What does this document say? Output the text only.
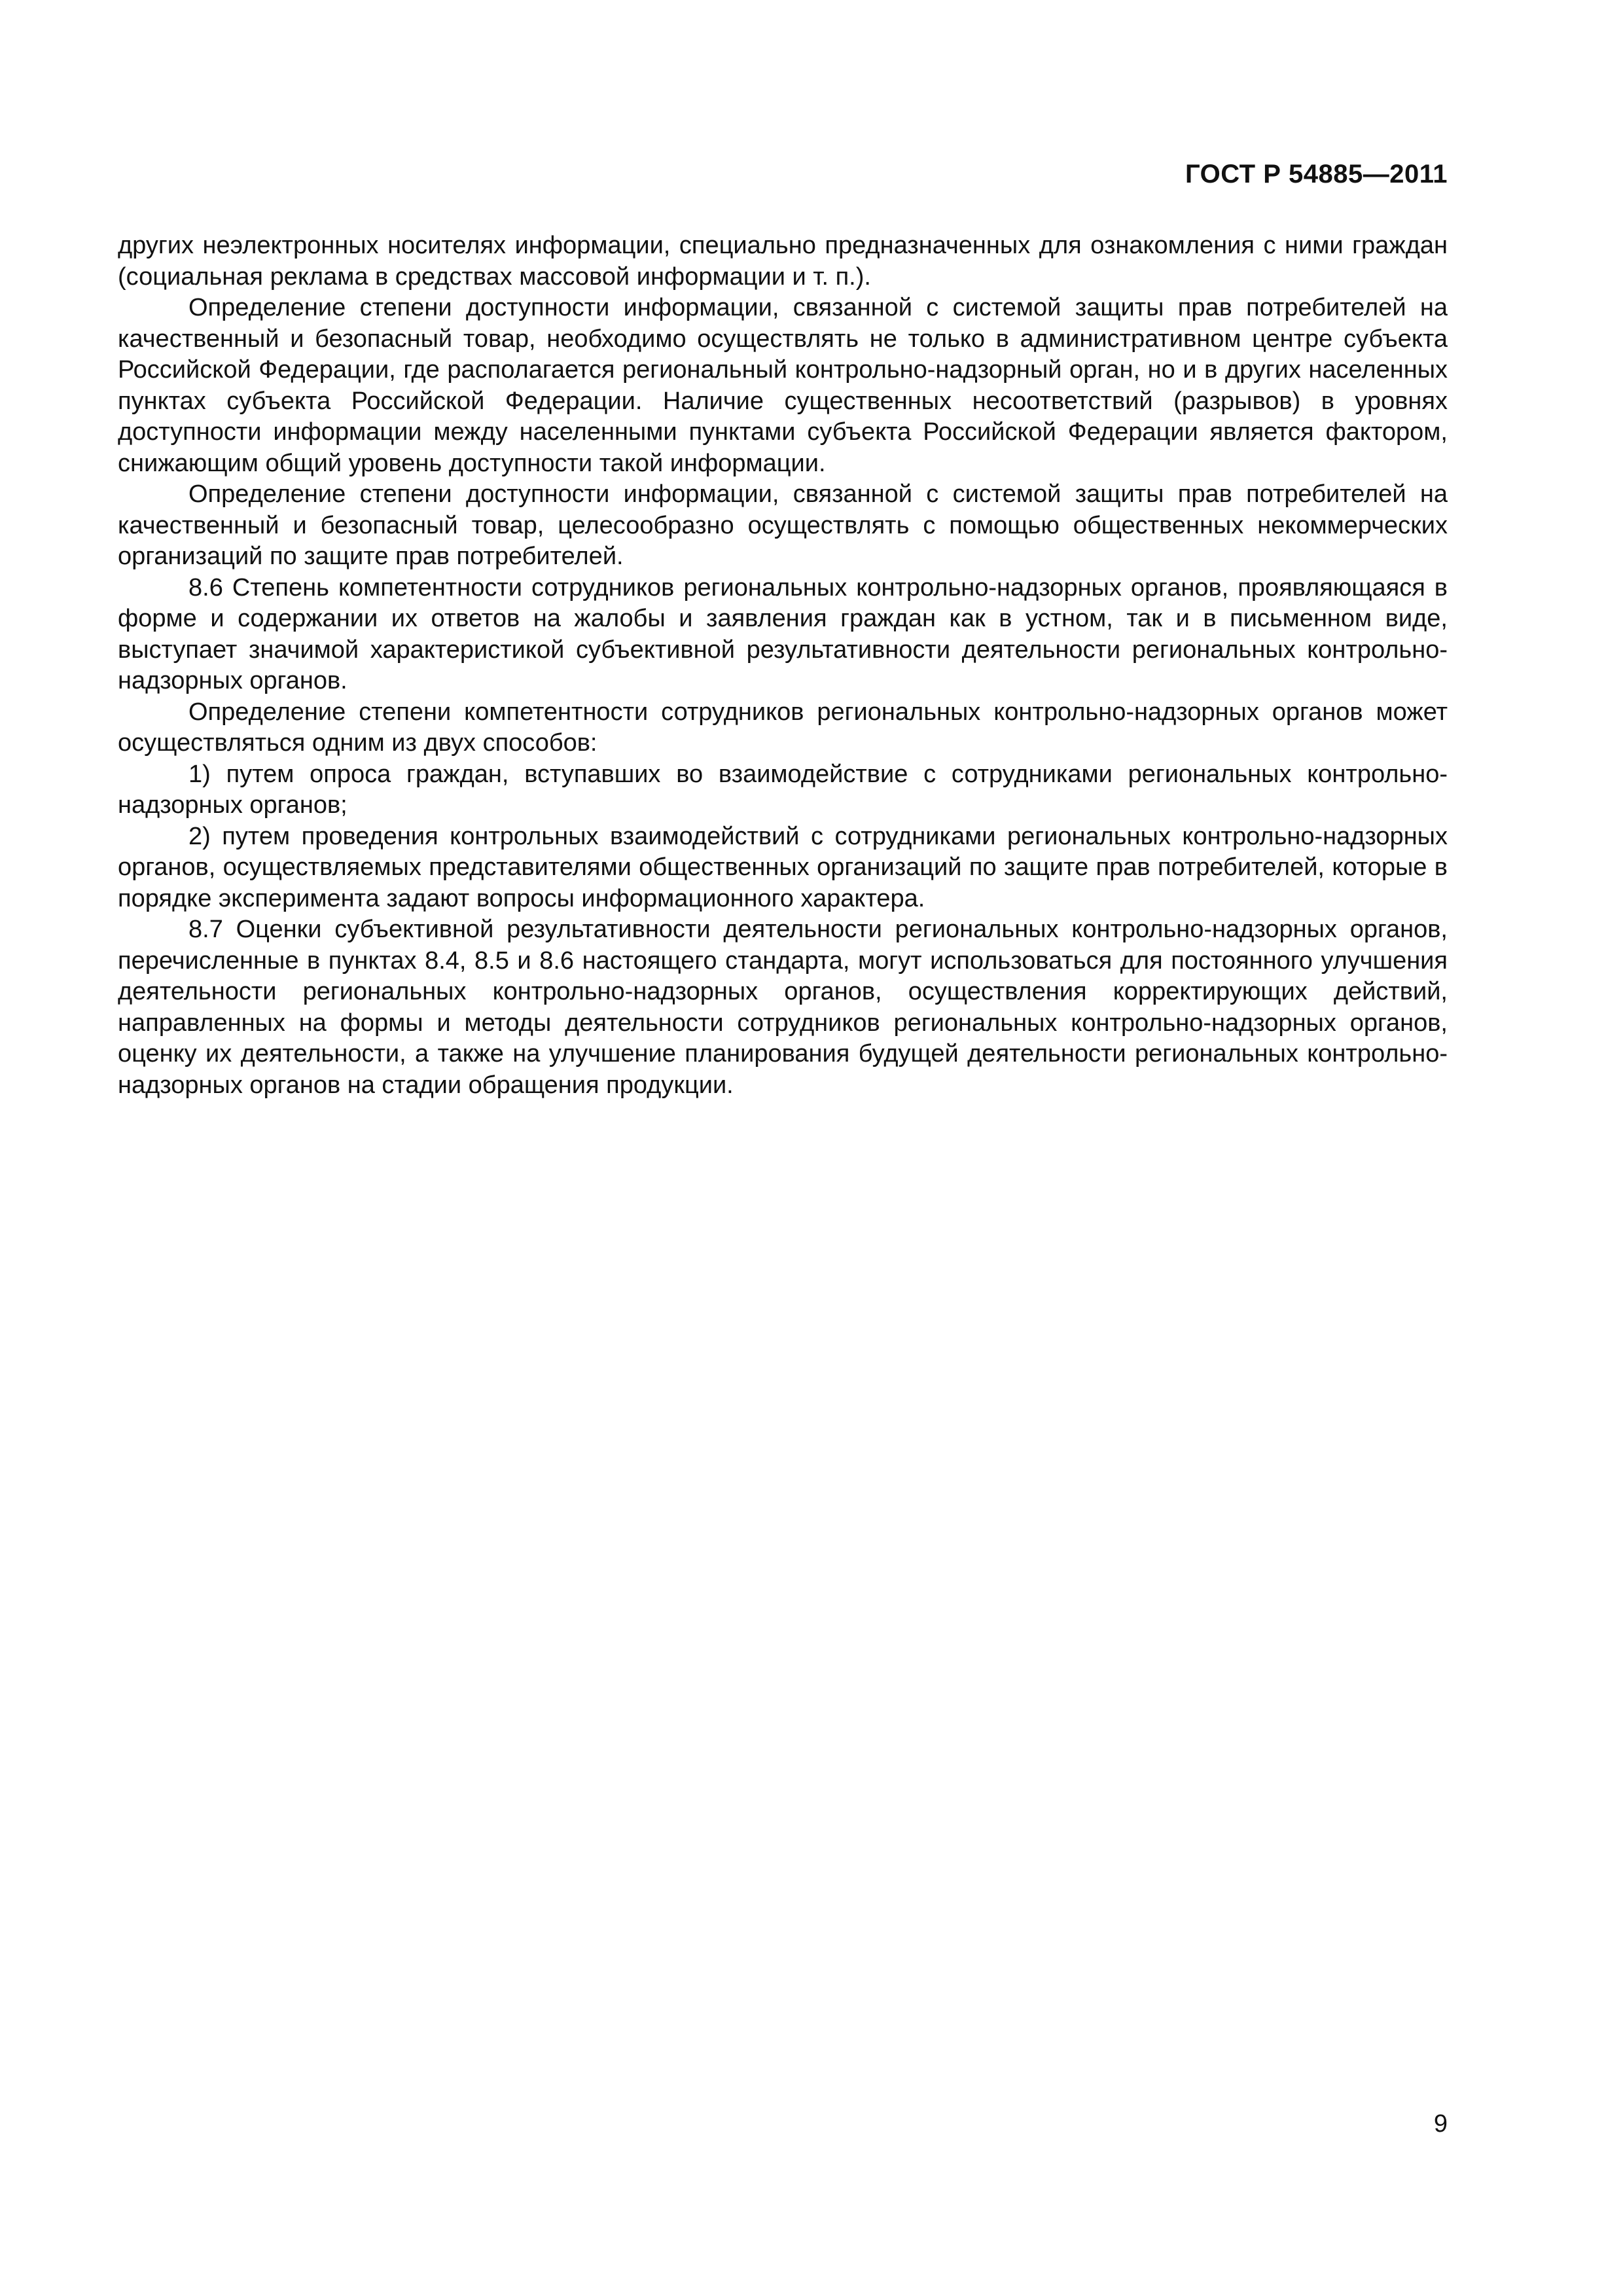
ГОСТ Р 54885—2011

других неэлектронных носителях информации, специально предназначенных для ознакомления с ними граждан (социальная реклама в средствах массовой информации и т. п.).

Определение степени доступности информации, связанной с системой защиты прав потребителей на качественный и безопасный товар, необходимо осуществлять не только в административном центре субъекта Российской Федерации, где располагается региональный контрольно-надзорный орган, но и в других населенных пунктах субъекта Российской Федерации. Наличие существенных несоответствий (разрывов) в уровнях доступности информации между населенными пунктами субъекта Российской Федерации является фактором, снижающим общий уровень доступности такой информации.

Определение степени доступности информации, связанной с системой защиты прав потребителей на качественный и безопасный товар, целесообразно осуществлять с помощью общественных некоммерческих организаций по защите прав потребителей.

8.6 Степень компетентности сотрудников региональных контрольно-надзорных органов, проявляющаяся в форме и содержании их ответов на жалобы и заявления граждан как в устном, так и в письменном виде, выступает значимой характеристикой субъективной результативности деятельности региональных контрольно-надзорных органов.

Определение степени компетентности сотрудников региональных контрольно-надзорных органов может осуществляться одним из двух способов:

1) путем опроса граждан, вступавших во взаимодействие с сотрудниками региональных контрольно-надзорных органов;

2) путем проведения контрольных взаимодействий с сотрудниками региональных контрольно-надзорных органов, осуществляемых представителями общественных организаций по защите прав потребителей, которые в порядке эксперимента задают вопросы информационного характера.

8.7 Оценки субъективной результативности деятельности региональных контрольно-надзорных органов, перечисленные в пунктах 8.4, 8.5 и 8.6 настоящего стандарта, могут использоваться для постоянного улучшения деятельности региональных контрольно-надзорных органов, осуществления корректирующих действий, направленных на формы и методы деятельности сотрудников региональных контрольно-надзорных органов, оценку их деятельности, а также на улучшение планирования будущей деятельности региональных контрольно-надзорных органов на стадии обращения продукции.

9
